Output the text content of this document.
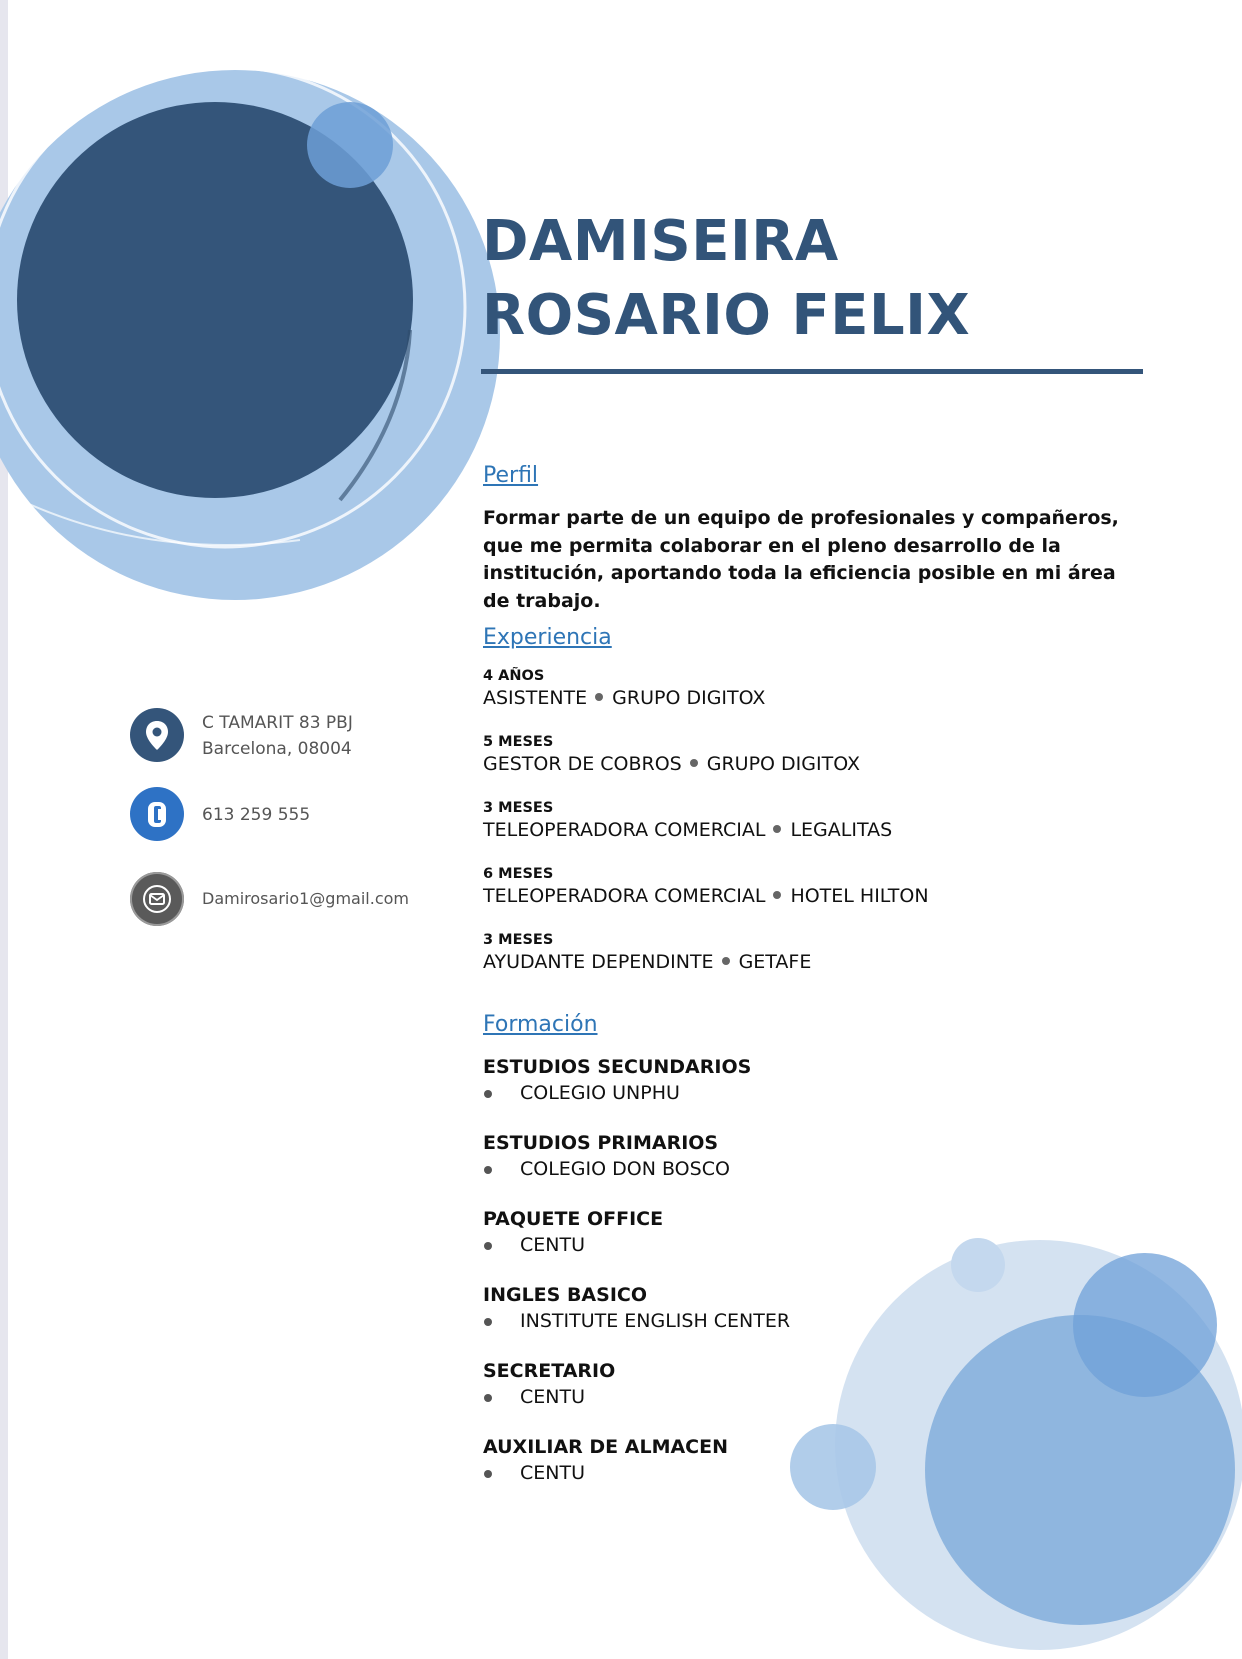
DAMISEIRA
ROSARIO FELIX
C TAMARIT 83 PBJ
Barcelona, 08004
613 259 555
Damirosario1@gmail.com
Perfil

Formar parte de un equipo de profesionales y compañeros, que me permita colaborar en el pleno desarrollo de la institución, aportando toda la eficiencia posible en mi área de trabajo.

Experiencia
4 AÑOS
ASISTENTE GRUPO DIGITOX
5 MESES
GESTOR DE COBROS GRUPO DIGITOX
3 MESES
TELEOPERADORA COMERCIAL LEGALITAS
6 MESES
TELEOPERADORA COMERCIAL HOTEL HILTON
3 MESES
AYUDANTE DEPENDINTE GETAFE
Formación
ESTUDIOS SECUNDARIOS
COLEGIO UNPHU
ESTUDIOS PRIMARIOS
COLEGIO DON BOSCO
PAQUETE OFFICE
CENTU
INGLES BASICO
INSTITUTE ENGLISH CENTER
SECRETARIO
CENTU
AUXILIAR DE ALMACEN
CENTU
